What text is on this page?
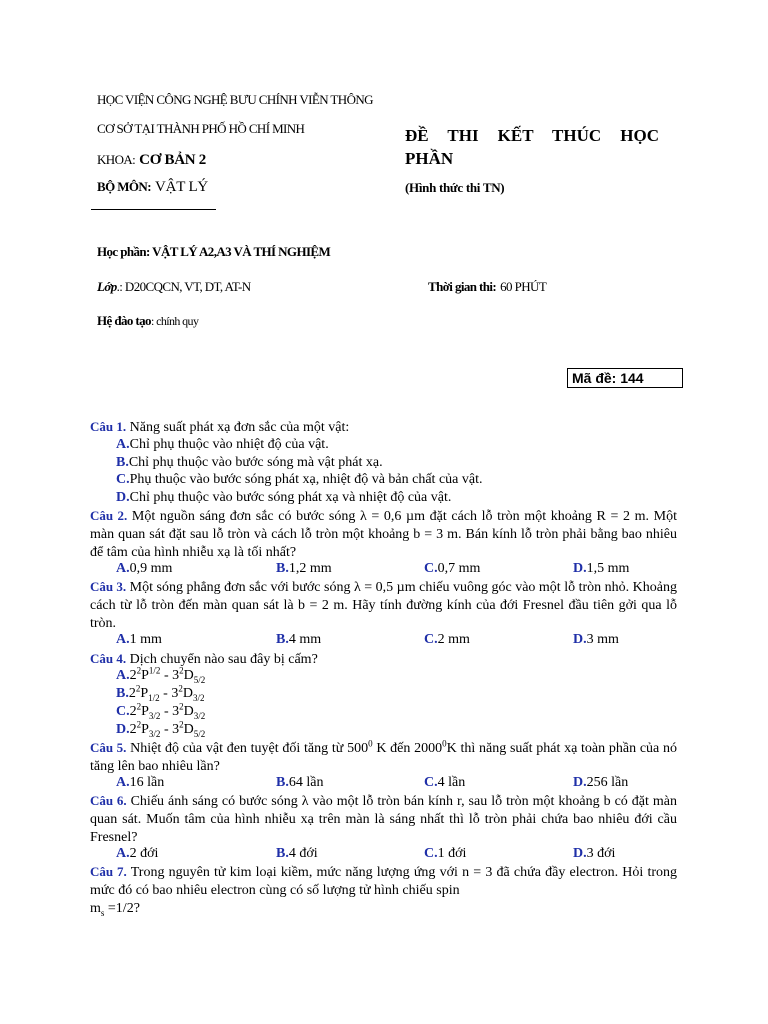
HỌC VIỆN CÔNG NGHỆ BƯU CHÍNH VIỄN THÔNG
CƠ SỞ TẠI THÀNH PHỐ HỒ CHÍ MINH
KHOA: CƠ BẢN 2
BỘ MÔN: VẬT LÝ
ĐỀ THI KẾT THÚC HỌC
PHẦN
(Hình thức thi TN)
Học phần: VẬT LÝ A2,A3 VÀ THÍ NGHIỆM
Lớp.: D20CQCN, VT, DT, AT-N	Thời gian thi: 60 PHÚT
Hệ đào tạo: chính quy
Mã đề: 144
Câu 1. Năng suất phát xạ đơn sắc của một vật:
A.Chỉ phụ thuộc vào nhiệt độ của vật.
B.Chỉ phụ thuộc vào bước sóng mà vật phát xạ.
C.Phụ thuộc vào bước sóng phát xạ, nhiệt độ và bản chất của vật.
D.Chỉ phụ thuộc vào bước sóng phát xạ và nhiệt độ của vật.
Câu 2. Một nguồn sáng đơn sắc có bước sóng λ = 0,6 µm đặt cách lỗ tròn một khoảng R = 2 m. Một màn quan sát đặt sau lỗ tròn và cách lỗ tròn một khoảng b = 3 m. Bán kính lỗ tròn phải bằng bao nhiêu để tâm của hình nhiễu xạ là tối nhất?
A.0,9 mm	B.1,2 mm	C.0,7 mm	D.1,5 mm
Câu 3. Một sóng phẳng đơn sắc với bước sóng λ = 0,5 µm chiếu vuông góc vào một lỗ tròn nhỏ. Khoảng cách từ lỗ tròn đến màn quan sát là b = 2 m. Hãy tính đường kính của đới Fresnel đầu tiên gởi qua lỗ tròn.
A.1 mm	B.4 mm	C.2 mm	D.3 mm
Câu 4. Dịch chuyển nào sau đây bị cấm?
$A.2^2P^{1/2} - 3^2D_{5/2}$
$B.2^2P_{1/2} - 3^2D_{3/2}$
$C.2^2P_{3/2} - 3^2D_{3/2}$
$D.2^2P_{3/2} - 3^2D_{5/2}$
Câu 5. Nhiệt độ của vật đen tuyệt đối tăng từ $500^0$ K đến 2000$^0$K thì năng suất phát xạ toàn phần của nó tăng lên bao nhiêu lần?
A.16 lần	B.64 lần	C.4 lần	D.256 lần
Câu 6. Chiếu ánh sáng có bước sóng λ vào một lỗ tròn bán kính r, sau lỗ tròn một khoảng b có đặt màn quan sát. Muốn tâm của hình nhiễu xạ trên màn là sáng nhất thì lỗ tròn phải chứa bao nhiêu đới cầu Fresnel?
A.2 đới	B.4 đới	C.1 đới	D.3 đới
Câu 7. Trong nguyên tử kim loại kiềm, mức năng lượng ứng với n = 3 đã chứa đầy electron. Hỏi trong mức đó có bao nhiêu electron cùng có số lượng tử hình chiếu spin
$m_s =1/2$?
